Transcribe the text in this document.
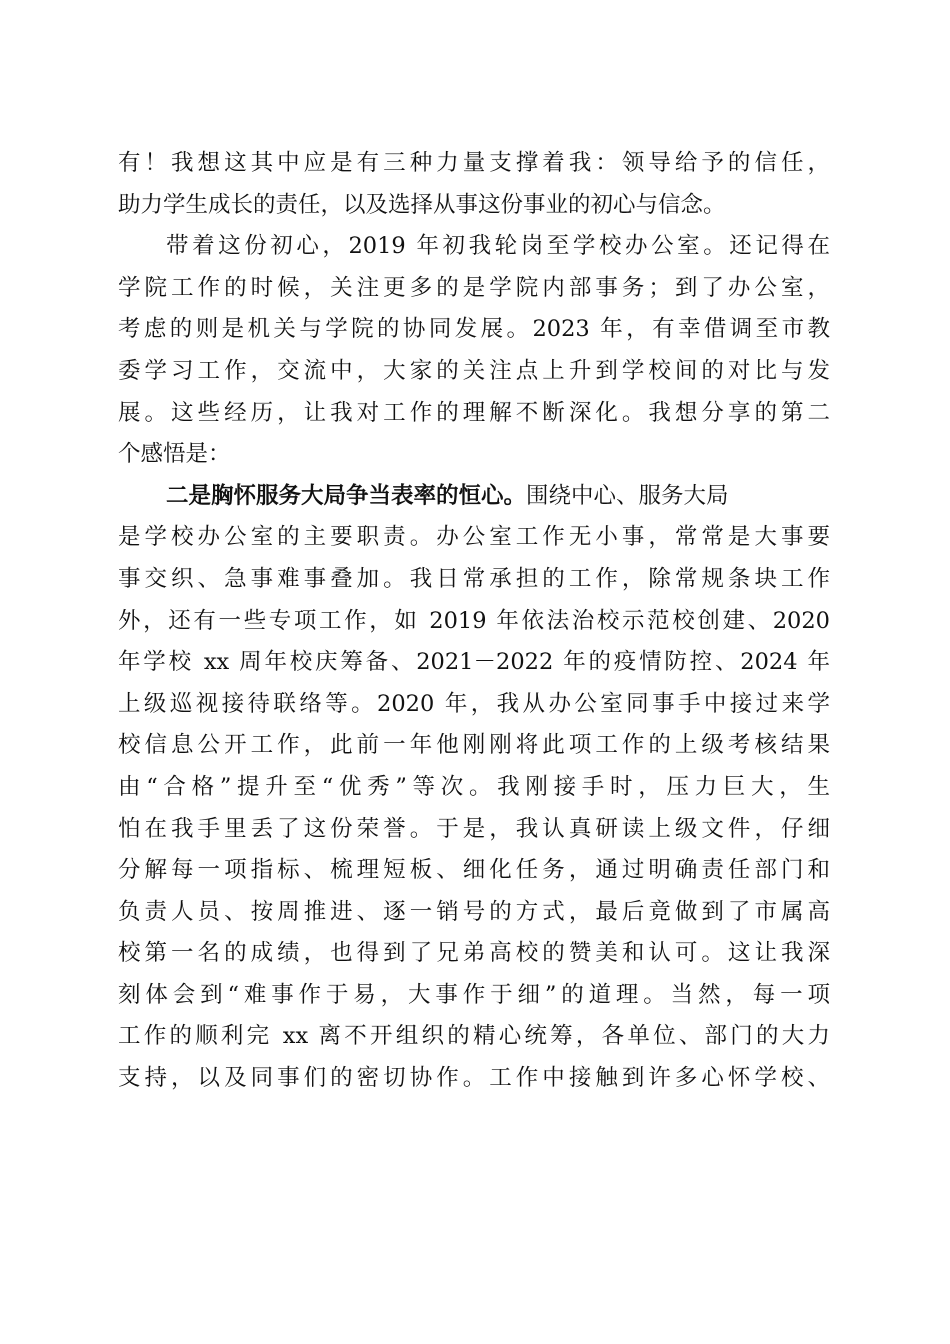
有！我想这其中应是有三种力量支撑着我：领导给予的信任，
助力学生成长的责任，以及选择从事这份事业的初心与信念。
带着这份初心，2019 年初我轮岗至学校办公室。还记得在
学院工作的时候，关注更多的是学院内部事务；到了办公室，
考虑的则是机关与学院的协同发展。2023 年，有幸借调至市教
委学习工作，交流中，大家的关注点上升到学校间的对比与发
展。这些经历，让我对工作的理解不断深化。我想分享的第二
个感悟是：
二是胸怀服务大局争当表率的恒心。围绕中心、服务大局
是学校办公室的主要职责。办公室工作无小事，常常是大事要
事交织、急事难事叠加。我日常承担的工作，除常规条块工作
外，还有一些专项工作，如 2019 年依法治校示范校创建、2020
年学校 xx 周年校庆筹备、2021－2022 年的疫情防控、2024 年
上级巡视接待联络等。2020 年，我从办公室同事手中接过来学
校信息公开工作，此前一年他刚刚将此项工作的上级考核结果
由“合格”提升至“优秀”等次。我刚接手时，压力巨大，生
怕在我手里丢了这份荣誉。于是，我认真研读上级文件，仔细
分解每一项指标、梳理短板、细化任务，通过明确责任部门和
负责人员、按周推进、逐一销号的方式，最后竟做到了市属高
校第一名的成绩，也得到了兄弟高校的赞美和认可。这让我深
刻体会到“难事作于易，大事作于细”的道理。当然，每一项
工作的顺利完 xx 离不开组织的精心统筹，各单位、部门的大力
支持，以及同事们的密切协作。工作中接触到许多心怀学校、
